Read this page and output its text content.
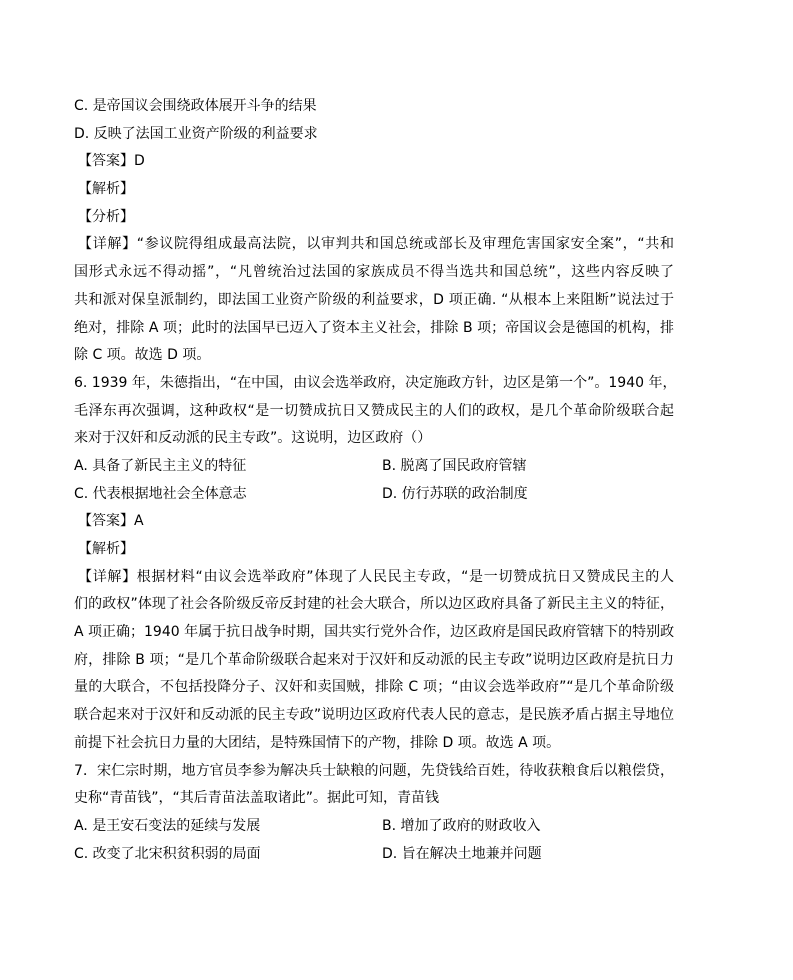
C. 是帝国议会围绕政体展开斗争的结果
D. 反映了法国工业资产阶级的利益要求
【答案】D
【解析】
【分析】
【详解】“参议院得组成最高法院，以审判共和国总统或部长及审理危害国家安全案”，“共和
国形式永远不得动摇”，“凡曾统治过法国的家族成员不得当选共和国总统”，这些内容反映了
共和派对保皇派制约，即法国工业资产阶级的利益要求，D 项正确. “从根本上来阻断”说法过于
绝对，排除 A 项；此时的法国早已迈入了资本主义社会，排除 B 项；帝国议会是德国的机构，排
除 C 项。故选 D 项。
6. 1939 年，朱德指出，“在中国，由议会选举政府，决定施政方针，边区是第一个”。1940 年，
毛泽东再次强调，这种政权“是一切赞成抗日又赞成民主的人们的政权，是几个革命阶级联合起
来对于汉奸和反动派的民主专政”。这说明，边区政府（）
A. 具备了新民主主义的特征	B. 脱离了国民政府管辖
C. 代表根据地社会全体意志	D. 仿行苏联的政治制度
【答案】A
【解析】
【详解】根据材料“由议会选举政府”体现了人民民主专政，“是一切赞成抗日又赞成民主的人
们的政权”体现了社会各阶级反帝反封建的社会大联合，所以边区政府具备了新民主主义的特征，
A 项正确；1940 年属于抗日战争时期，国共实行党外合作，边区政府是国民政府管辖下的特别政
府，排除 B 项；“是几个革命阶级联合起来对于汉奸和反动派的民主专政”说明边区政府是抗日力
量的大联合，不包括投降分子、汉奸和卖国贼，排除 C 项；“由议会选举政府”“是几个革命阶级
联合起来对于汉奸和反动派的民主专政”说明边区政府代表人民的意志，是民族矛盾占据主导地位
前提下社会抗日力量的大团结，是特殊国情下的产物，排除 D 项。故选 A 项。
7．宋仁宗时期，地方官员李参为解决兵士缺粮的问题，先贷钱给百姓，待收获粮食后以粮偿贷，
史称“青苗钱”，“其后青苗法盖取诸此”。据此可知，青苗钱
A. 是王安石变法的延续与发展	B. 增加了政府的财政收入
C. 改变了北宋积贫积弱的局面	D. 旨在解决土地兼并问题
